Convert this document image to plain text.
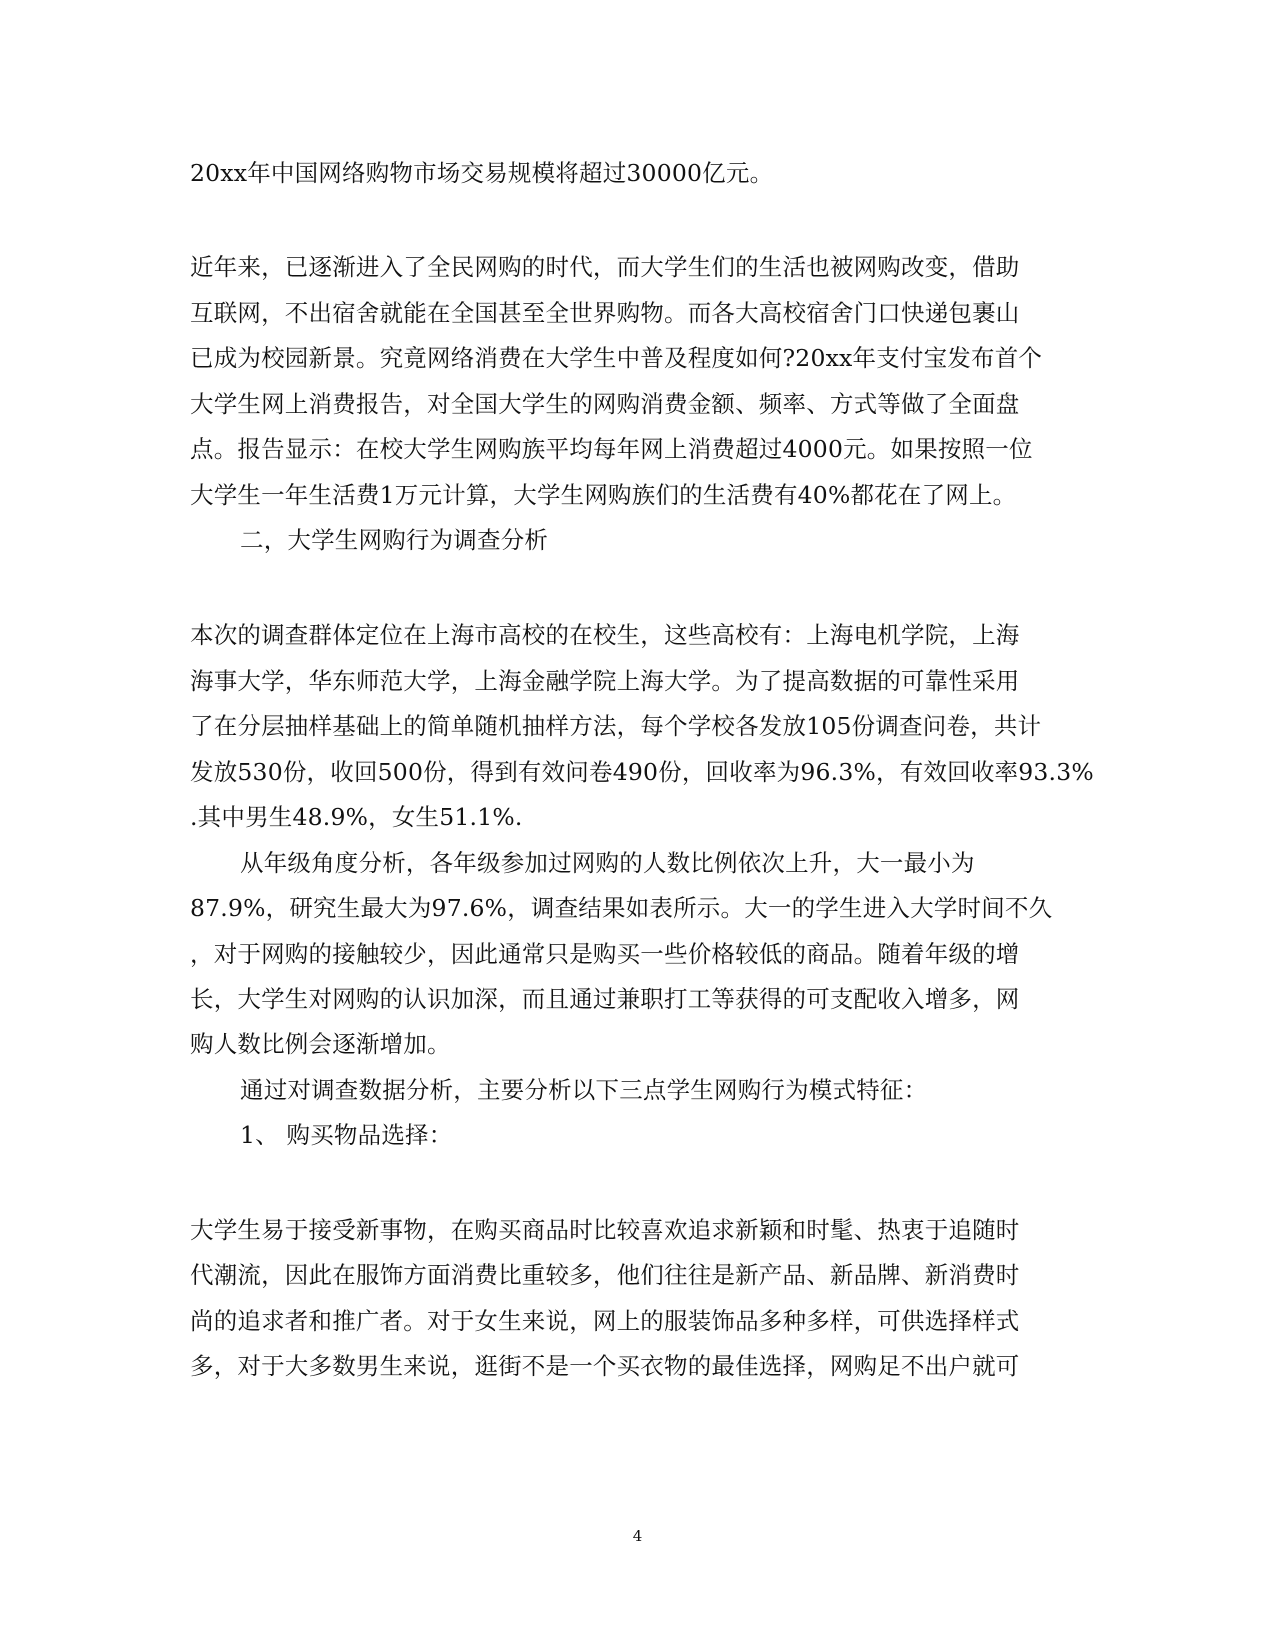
20xx年中国网络购物市场交易规模将超过30000亿元。
近年来，已逐渐进入了全民网购的时代，而大学生们的生活也被网购改变，借助
互联网，不出宿舍就能在全国甚至全世界购物。而各大高校宿舍门口快递包裹山
已成为校园新景。究竟网络消费在大学生中普及程度如何?20xx年支付宝发布首个
大学生网上消费报告，对全国大学生的网购消费金额、频率、方式等做了全面盘
点。报告显示：在校大学生网购族平均每年网上消费超过4000元。如果按照一位
大学生一年生活费1万元计算，大学生网购族们的生活费有40%都花在了网上。
二，大学生网购行为调查分析
本次的调查群体定位在上海市高校的在校生，这些高校有：上海电机学院，上海
海事大学，华东师范大学，上海金融学院上海大学。为了提高数据的可靠性采用
了在分层抽样基础上的简单随机抽样方法，每个学校各发放105份调查问卷，共计
发放530份，收回500份，得到有效问卷490份，回收率为96.3%，有效回收率93.3%
.其中男生48.9%，女生51.1%.
从年级角度分析，各年级参加过网购的人数比例依次上升，大一最小为
87.9%，研究生最大为97.6%，调查结果如表所示。大一的学生进入大学时间不久
，对于网购的接触较少，因此通常只是购买一些价格较低的商品。随着年级的增
长，大学生对网购的认识加深，而且通过兼职打工等获得的可支配收入增多，网
购人数比例会逐渐增加。
通过对调查数据分析，主要分析以下三点学生网购行为模式特征：
1、 购买物品选择：
大学生易于接受新事物，在购买商品时比较喜欢追求新颖和时髦、热衷于追随时
代潮流，因此在服饰方面消费比重较多，他们往往是新产品、新品牌、新消费时
尚的追求者和推广者。对于女生来说，网上的服装饰品多种多样，可供选择样式
多，对于大多数男生来说，逛街不是一个买衣物的最佳选择，网购足不出户就可
4
